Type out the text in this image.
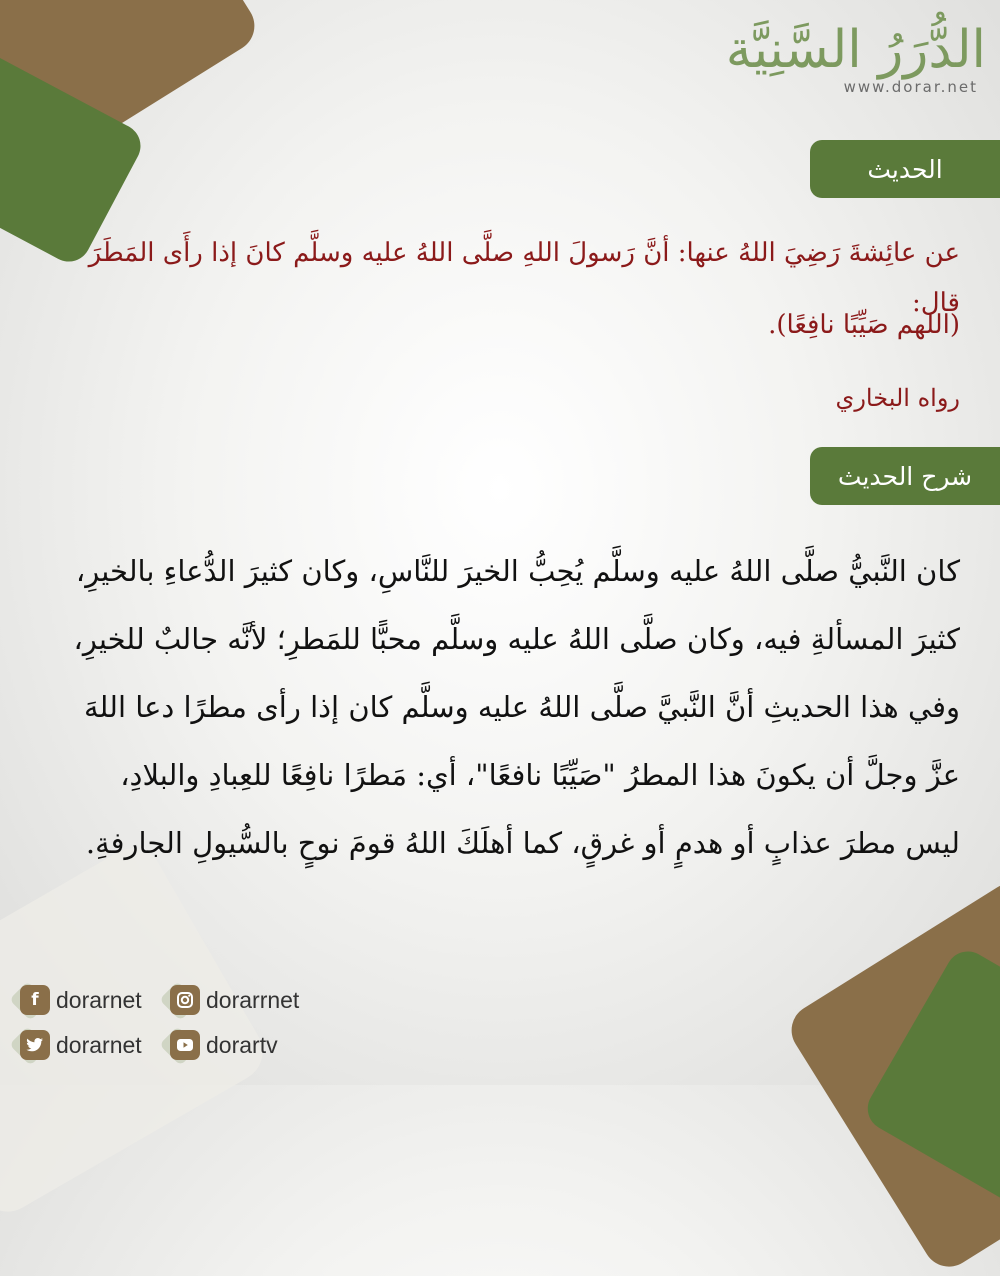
الدُّرَرُ السَّنِيَّة
www.dorar.net
الحديث
عن عائِشةَ رَضِيَ اللهُ عنها: أنَّ رَسولَ اللهِ صلَّى اللهُ عليه وسلَّم كانَ إذا رأَى المَطَرَ قال:
(اللهم صَيِّبًا نافِعًا).
رواه البخاري
شرح الحديث
كان النَّبيُّ صلَّى اللهُ عليه وسلَّم يُحِبُّ الخيرَ للنَّاسِ، وكان كثيرَ الدُّعاءِ بالخيرِ،
كثيرَ المسألةِ فيه، وكان صلَّى اللهُ عليه وسلَّم محبًّا للمَطرِ؛ لأنَّه جالبٌ للخيرِ،
وفي هذا الحديثِ أنَّ النَّبيَّ صلَّى اللهُ عليه وسلَّم كان إذا رأى مطرًا دعا اللهَ
عزَّ وجلَّ أن يكونَ هذا المطرُ "صَيِّبًا نافعًا"، أي: مَطرًا نافِعًا للعِبادِ والبلادِ،
ليس مطرَ عذابٍ أو هدمٍ أو غرقٍ، كما أهلَكَ اللهُ قومَ نوحٍ بالسُّيولِ الجارفةِ.
f dorarnet	dorarrnet
dorarnet	dorartv
